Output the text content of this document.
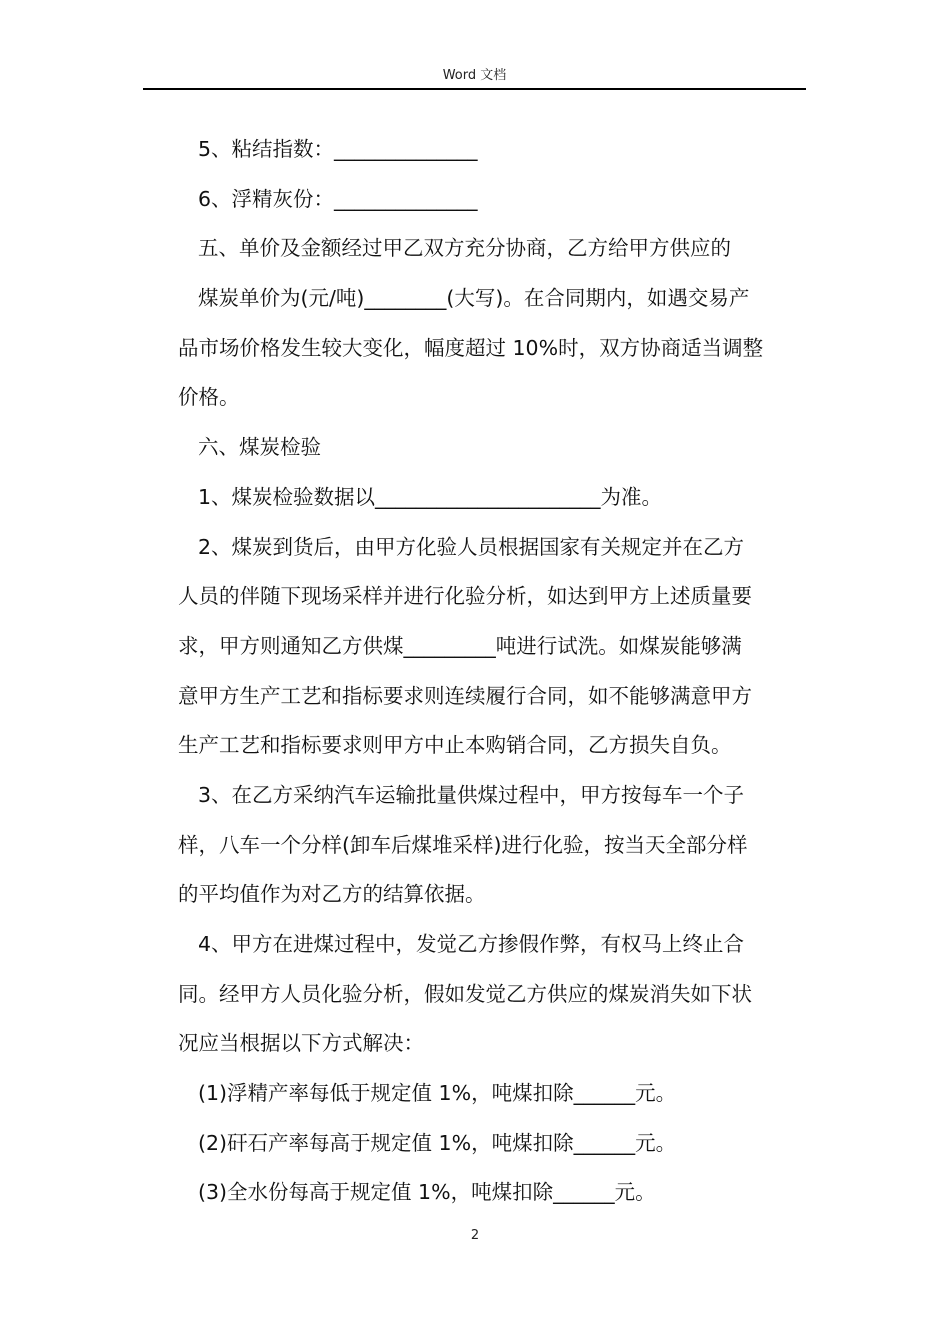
Word 文档
5、粘结指数：______________
6、浮精灰份：______________
五、单价及金额经过甲乙双方充分协商，乙方给甲方供应的
煤炭单价为(元/吨)________(大写)。在合同期内，如遇交易产
品市场价格发生较大变化，幅度超过 10%时，双方协商适当调整
价格。
六、煤炭检验
1、煤炭检验数据以______________________为准。
2、煤炭到货后，由甲方化验人员根据国家有关规定并在乙方
人员的伴随下现场采样并进行化验分析，如达到甲方上述质量要
求，甲方则通知乙方供煤_________吨进行试洗。如煤炭能够满
意甲方生产工艺和指标要求则连续履行合同，如不能够满意甲方
生产工艺和指标要求则甲方中止本购销合同，乙方损失自负。
3、在乙方采纳汽车运输批量供煤过程中，甲方按每车一个子
样，八车一个分样(卸车后煤堆采样)进行化验，按当天全部分样
的平均值作为对乙方的结算依据。
4、甲方在进煤过程中，发觉乙方掺假作弊，有权马上终止合
同。经甲方人员化验分析，假如发觉乙方供应的煤炭消失如下状
况应当根据以下方式解决：
(1)浮精产率每低于规定值 1%，吨煤扣除______元。
(2)矸石产率每高于规定值 1%，吨煤扣除______元。
(3)全水份每高于规定值 1%，吨煤扣除______元。
2
